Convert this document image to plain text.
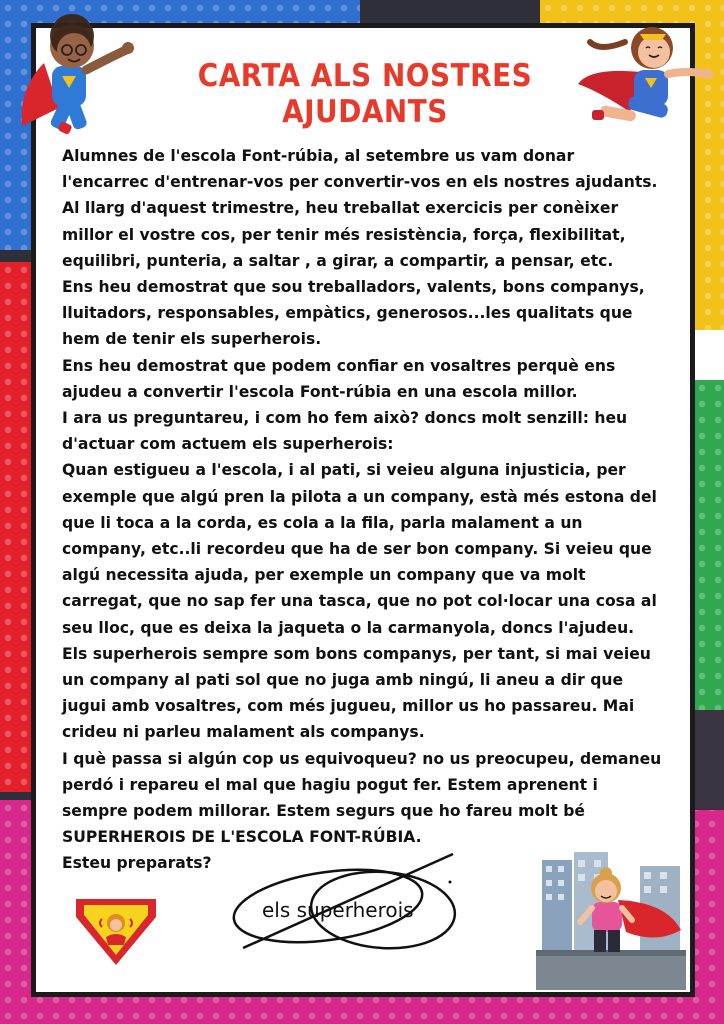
CARTA ALS NOSTRES AJUDANTS

Alumnes de l'escola Font-rúbia, al setembre us vam donar

l'encarrec d'entrenar-vos per convertir-vos en els nostres ajudants.

Al llarg d'aquest trimestre, heu treballat exercicis per conèixer

millor el vostre cos, per tenir més resistència, força, flexibilitat,

equilibri, punteria, a saltar , a girar, a compartir, a pensar, etc.

Ens heu demostrat que sou treballadors, valents, bons companys,

lluitadors, responsables, empàtics, generosos...les qualitats que

hem de tenir els superherois.

Ens heu demostrat que podem confiar en vosaltres perquè ens

ajudeu a convertir l'escola Font-rúbia en una escola millor.

I ara us preguntareu, i com ho fem això? doncs molt senzill: heu

d'actuar com actuem els superherois:

Quan estigueu a l'escola, i al pati, si veieu alguna injusticia, per

exemple que algú pren la pilota a un company, està més estona del

que li toca a la corda, es cola a la fila, parla malament a un

company, etc..li recordeu que ha de ser bon company. Si veieu que

algú necessita ajuda, per exemple un company que va molt

carregat, que no sap fer una tasca, que no pot col·locar una cosa al

seu lloc, que es deixa la jaqueta o la carmanyola, doncs l'ajudeu.

Els superherois sempre som bons companys, per tant, si mai veieu

un company al pati sol que no juga amb ningú, li aneu a dir que

jugui amb vosaltres, com més jugueu, millor us ho passareu. Mai

crideu ni parleu malament als companys.

I què passa si algún cop us equivoqueu? no us preocupeu, demaneu

perdó i repareu el mal que hagiu pogut fer. Estem aprenent i

sempre podem millorar. Estem segurs que ho fareu molt bé

SUPERHEROIS DE L'ESCOLA FONT-RÚBIA.

Esteu preparats?

els superherois
